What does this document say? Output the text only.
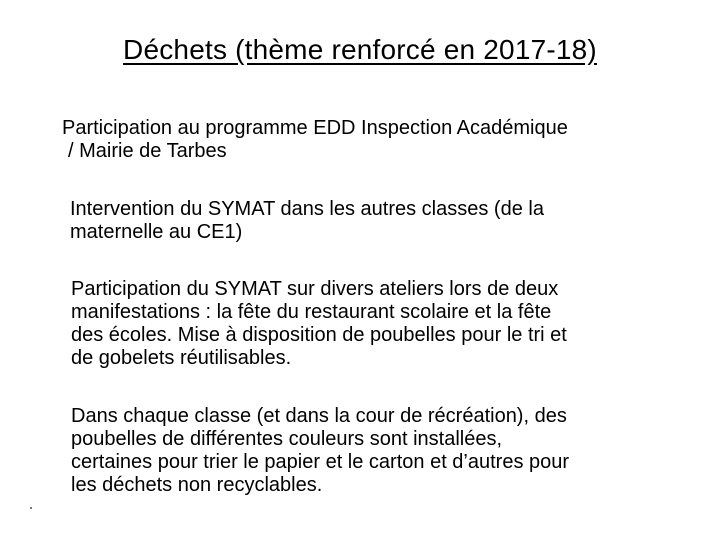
Déchets (thème renforcé en 2017-18)
Participation au programme EDD Inspection Académique
/ Mairie de Tarbes
Intervention du SYMAT dans les autres classes (de la
maternelle au CE1)
Participation du SYMAT sur divers ateliers lors de deux
manifestations : la fête du restaurant scolaire et la fête
des écoles. Mise à disposition de poubelles pour le tri et
de gobelets réutilisables.
Dans chaque classe (et dans la cour de récréation), des
poubelles de différentes couleurs sont installées,
certaines pour trier le papier et le carton et d’autres pour
les déchets non recyclables.
